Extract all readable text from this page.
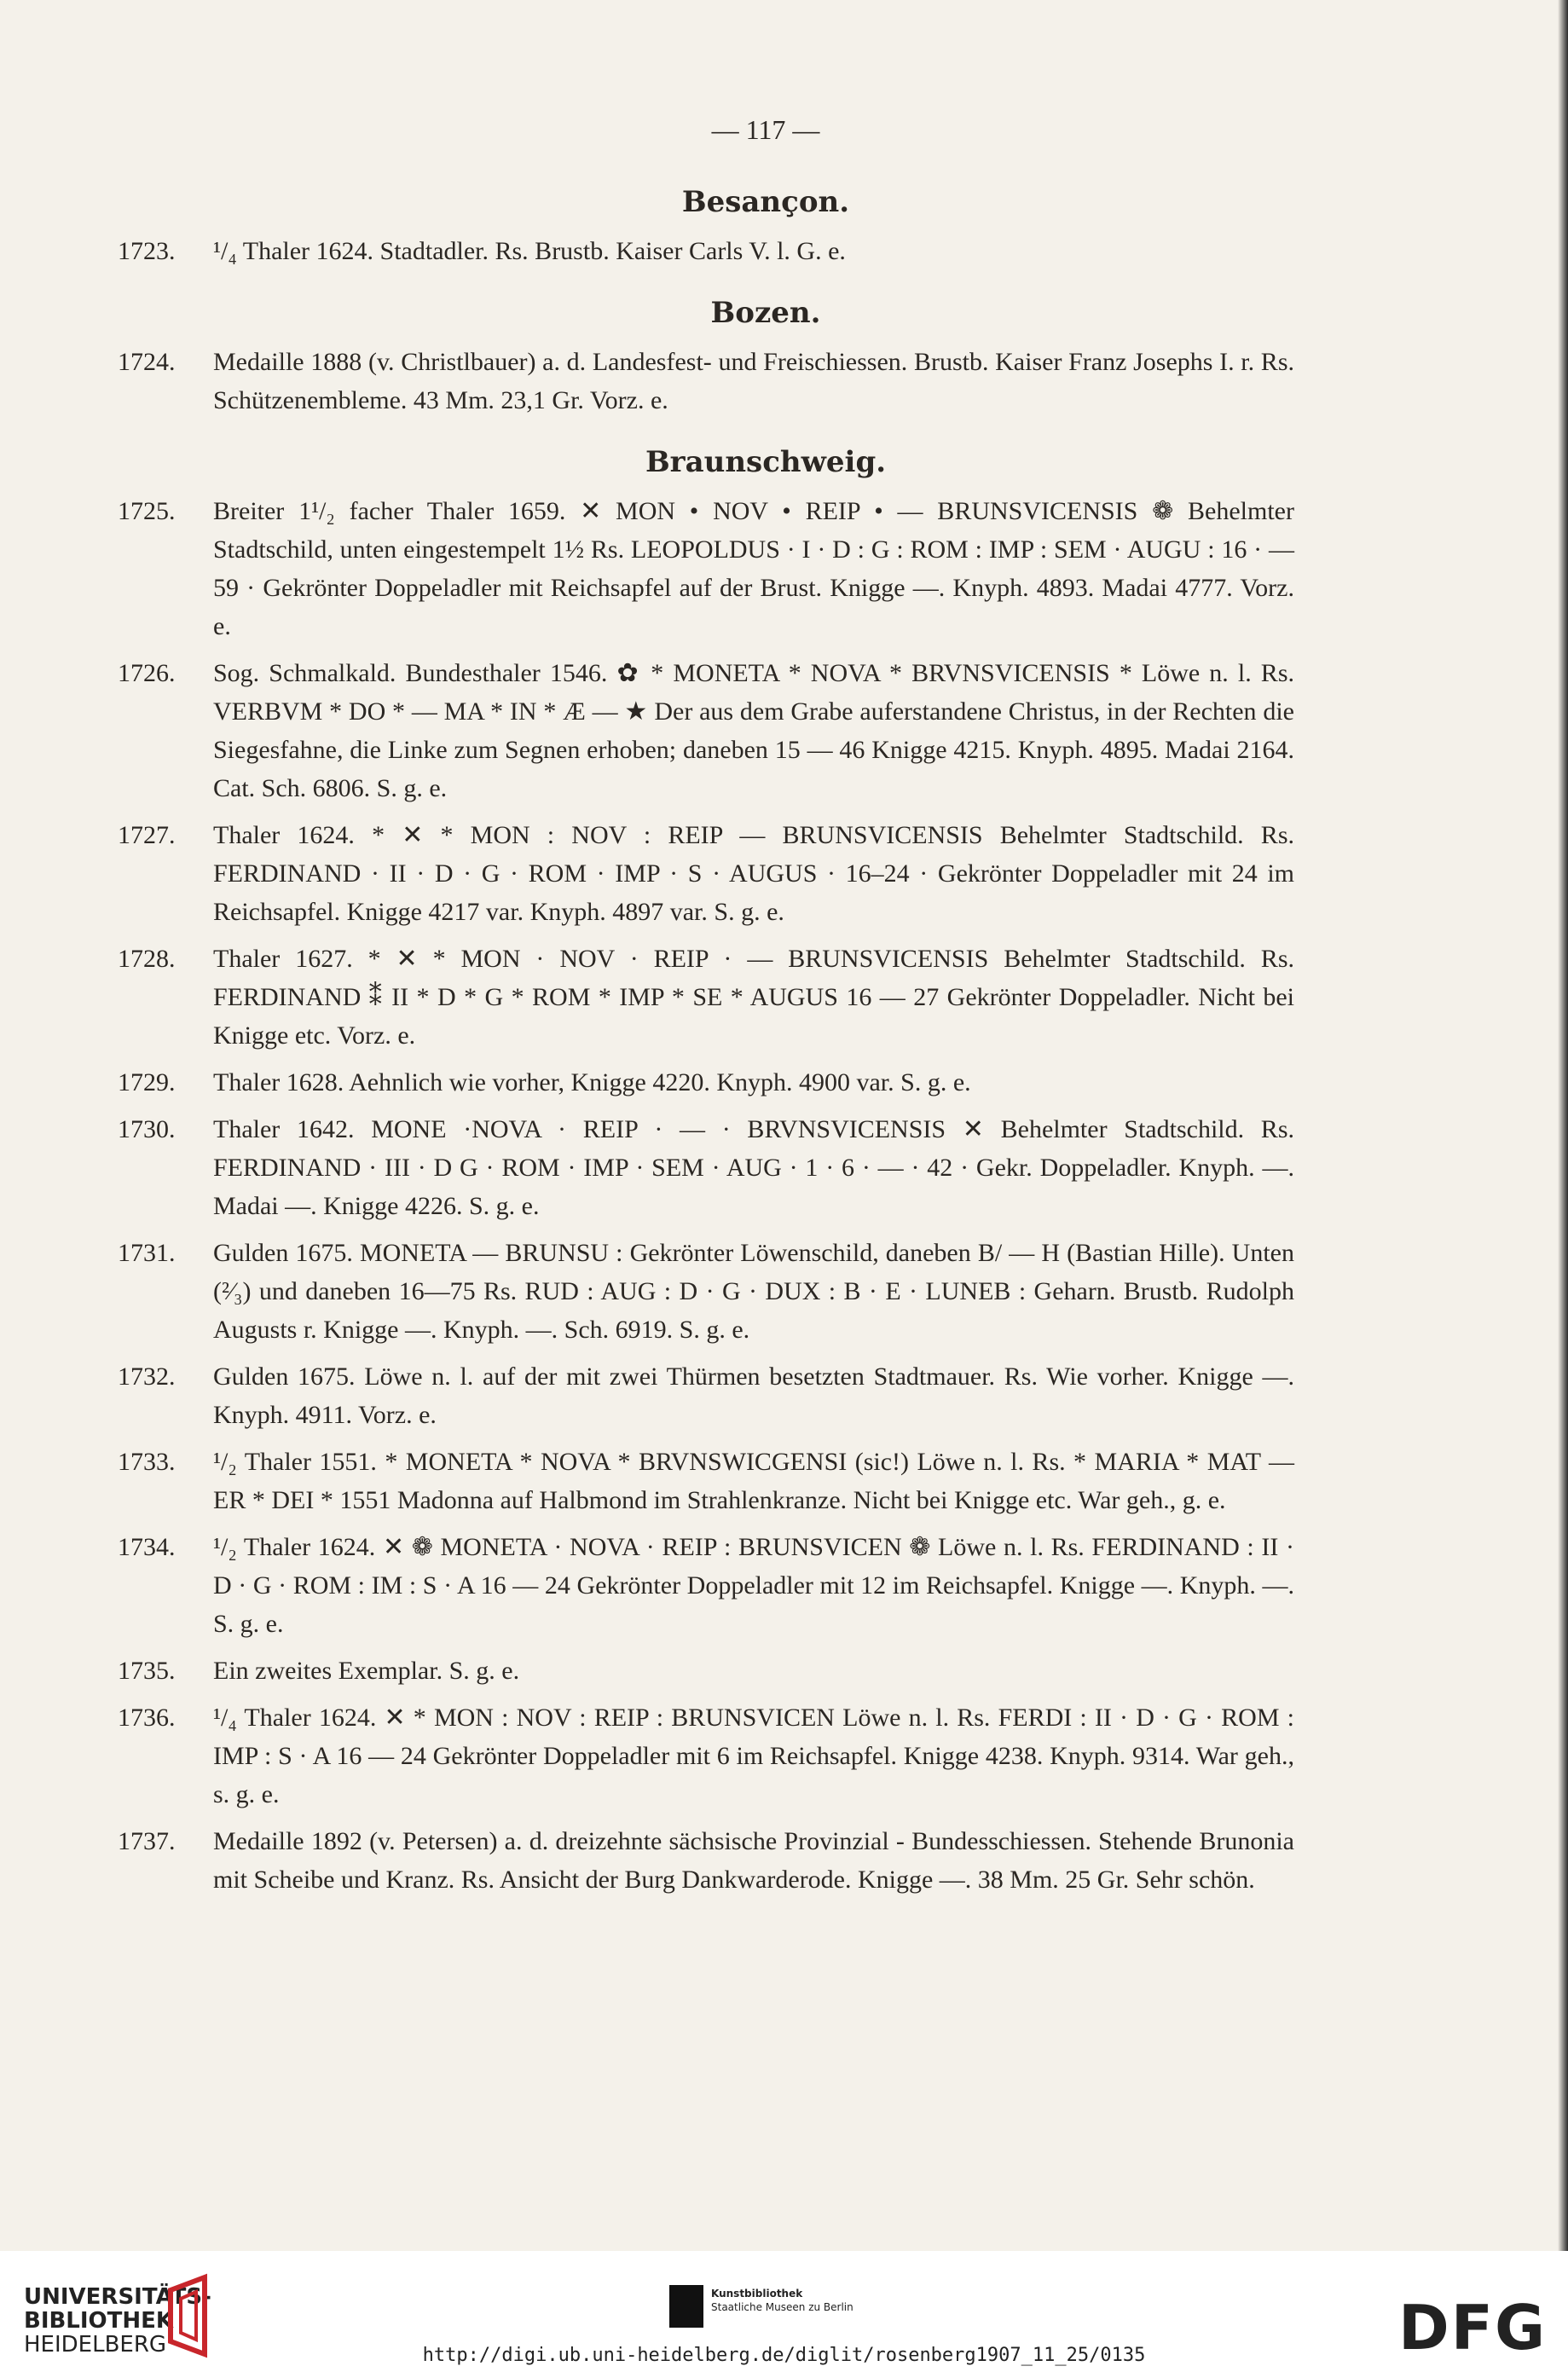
— 117 —
Besançon.
1723.	¹/₄ Thaler 1624. Stadtadler. Rs. Brustb. Kaiser Carls V. l. G. e.
Bozen.
1724.	Medaille 1888 (v. Christlbauer) a. d. Landesfest- und Freischiessen. Brustb. Kaiser Franz Josephs I. r. Rs. Schützenembleme. 43 Mm. 23,1 Gr. Vorz. e.
Braunschweig.
1725.	Breiter 1¹/₂ facher Thaler 1659. ✕ MON • NOV • REIP • — BRUNSVICENSIS ❁ Behelmter Stadtschild, unten eingestempelt 1½ Rs. LEOPOLDUS · I · D : G : ROM : IMP : SEM · AUGU : 16 · — 59 · Gekrönter Doppeladler mit Reichsapfel auf der Brust. Knigge —. Knyph. 4893. Madai 4777. Vorz. e.
1726.	Sog. Schmalkald. Bundesthaler 1546. ✿ * MONETA * NOVA * BRVNSVICENSIS * Löwe n. l. Rs. VERBVM * DO * — MA * IN * Æ — ★ Der aus dem Grabe auferstandene Christus, in der Rechten die Siegesfahne, die Linke zum Segnen erhoben; daneben 15 — 46 Knigge 4215. Knyph. 4895. Madai 2164. Cat. Sch. 6806. S. g. e.
1727.	Thaler 1624. * ✕ * MON : NOV : REIP — BRUNSVICENSIS Behelmter Stadtschild. Rs. FERDINAND · II · D · G · ROM · IMP · S · AUGUS · 16–24 · Gekrönter Doppeladler mit 24 im Reichsapfel. Knigge 4217 var. Knyph. 4897 var. S. g. e.
1728.	Thaler 1627. * ✕ * MON · NOV · REIP · — BRUNSVICENSIS Behelmter Stadtschild. Rs. FERDINAND ⁑ II * D * G * ROM * IMP * SE * AUGUS 16 — 27 Gekrönter Doppeladler. Nicht bei Knigge etc. Vorz. e.
1729.	Thaler 1628. Aehnlich wie vorher, Knigge 4220. Knyph. 4900 var. S. g. e.
1730.	Thaler 1642. MONE ·NOVA · REIP · — · BRVNSVICENSIS ✕ Behelmter Stadtschild. Rs. FERDINAND · III · D G · ROM · IMP · SEM · AUG · 1 · 6 · — · 42 · Gekr. Doppeladler. Knyph. —. Madai —. Knigge 4226. S. g. e.
1731.	Gulden 1675. MONETA — BRUNSU : Gekrönter Löwenschild, daneben B/ — H (Bastian Hille). Unten (²⁄₃) und daneben 16—75 Rs. RUD : AUG : D · G · DUX : B · E · LUNEB : Geharn. Brustb. Rudolph Augusts r. Knigge —. Knyph. —. Sch. 6919. S. g. e.
1732.	Gulden 1675. Löwe n. l. auf der mit zwei Thürmen besetzten Stadtmauer. Rs. Wie vorher. Knigge —. Knyph. 4911. Vorz. e.
1733.	¹/₂ Thaler 1551. * MONETA * NOVA * BRVNSWICGENSI (sic!) Löwe n. l. Rs. * MARIA * MAT — ER * DEI * 1551 Madonna auf Halbmond im Strahlenkranze. Nicht bei Knigge etc. War geh., g. e.
1734.	¹/₂ Thaler 1624. ✕ ❁ MONETA · NOVA · REIP : BRUNSVICEN ❁ Löwe n. l. Rs. FERDINAND : II · D · G · ROM : IM : S · A 16 — 24 Gekrönter Doppeladler mit 12 im Reichsapfel. Knigge —. Knyph. —. S. g. e.
1735.	Ein zweites Exemplar. S. g. e.
1736.	¹/₄ Thaler 1624. ✕ * MON : NOV : REIP : BRUNSVICEN Löwe n. l. Rs. FERDI : II · D · G · ROM : IMP : S · A 16 — 24 Gekrönter Doppeladler mit 6 im Reichsapfel. Knigge 4238. Knyph. 9314. War geh., s. g. e.
1737.	Medaille 1892 (v. Petersen) a. d. dreizehnte sächsische Provinzial - Bundesschiessen. Stehende Brunonia mit Scheibe und Kranz. Rs. Ansicht der Burg Dankwarderode. Knigge —. 38 Mm. 25 Gr. Sehr schön.
UNIVERSITÄTS-
BIBLIOTHEK
HEIDELBERG
Kunstbibliothek
Staatliche Museen zu Berlin	DFG
http://digi.ub.uni-heidelberg.de/diglit/rosenberg1907_11_25/0135
